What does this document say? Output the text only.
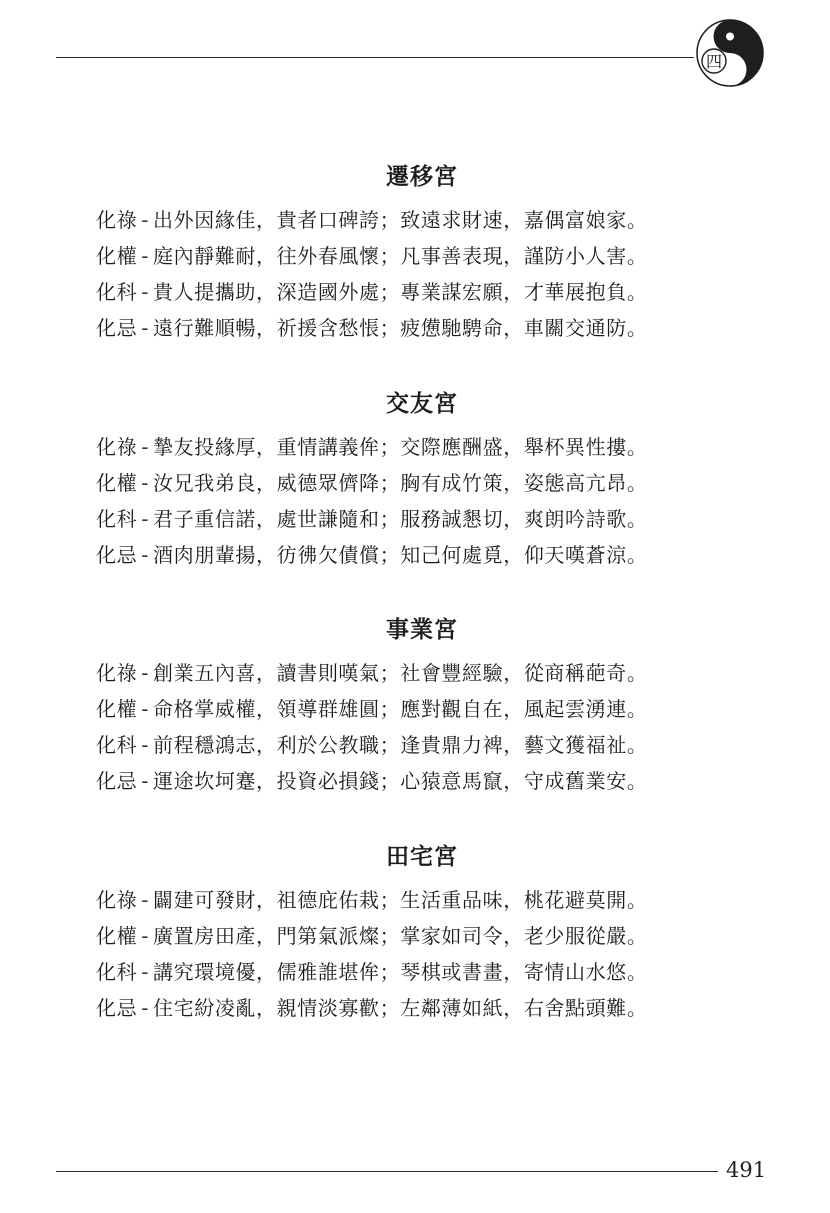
四
遷移宮
化祿 - 出外因緣佳，貴者口碑誇；致遠求財速，嘉偶富娘家。
化權 - 庭內靜難耐，往外春風懷；凡事善表現，謹防小人害。
化科 - 貴人提攜助，深造國外處；專業謀宏願，才華展抱負。
化忌 - 遠行難順暢，祈援含愁悵；疲憊馳騁命，車關交通防。
交友宮
化祿 - 摯友投緣厚，重情講義侔；交際應酬盛，舉杯異性摟。
化權 - 汝兄我弟良，威德眾儕降；胸有成竹策，姿態高亢昂。
化科 - 君子重信諾，處世謙隨和；服務誠懇切，爽朗吟詩歌。
化忌 - 酒肉朋輩揚，彷彿欠債償；知己何處覓，仰天嘆蒼涼。
事業宮
化祿 - 創業五內喜，讀書則嘆氣；社會豐經驗，從商稱葩奇。
化權 - 命格掌威權，領導群雄圓；應對觀自在，風起雲湧連。
化科 - 前程穩鴻志，利於公教職；逢貴鼎力裨，藝文獲福祉。
化忌 - 運途坎坷蹇，投資必損錢；心猿意馬竄，守成舊業安。
田宅宮
化祿 - 闢建可發財，祖德庇佑栽；生活重品味，桃花避莫開。
化權 - 廣置房田產，門第氣派燦；掌家如司令，老少服從嚴。
化科 - 講究環境優，儒雅誰堪侔；琴棋或書畫，寄情山水悠。
化忌 - 住宅紛凌亂，親情淡寡歡；左鄰薄如紙，右舍點頭難。
491
